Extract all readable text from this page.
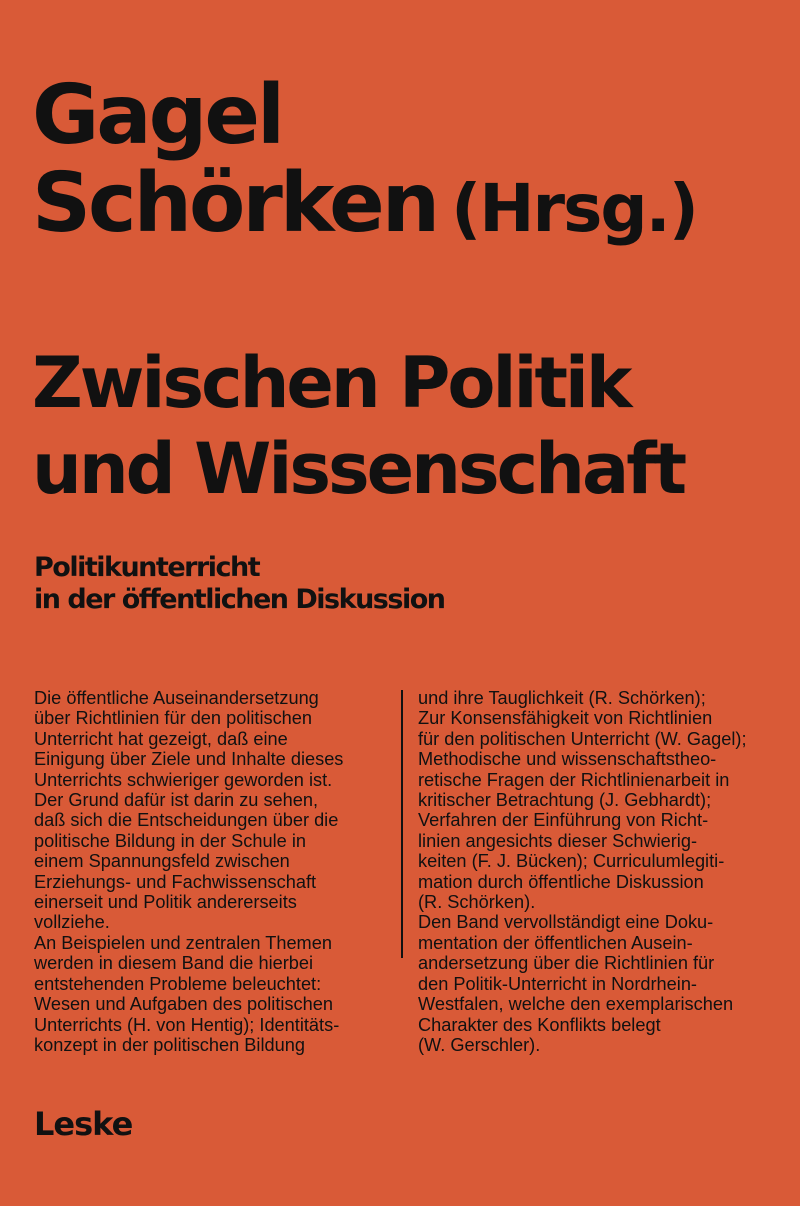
Gagel
Schörken (Hrsg.)
Zwischen Politik
und Wissenschaft
Politikunterricht
in der öffentlichen Diskussion
Die öffentliche Auseinandersetzung
über Richtlinien für den politischen
Unterricht hat gezeigt, daß eine
Einigung über Ziele und Inhalte dieses
Unterrichts schwieriger geworden ist.
Der Grund dafür ist darin zu sehen,
daß sich die Entscheidungen über die
politische Bildung in der Schule in
einem Spannungsfeld zwischen
Erziehungs- und Fachwissenschaft
einerseit und Politik andererseits
vollziehe.
An Beispielen und zentralen Themen
werden in diesem Band die hierbei
entstehenden Probleme beleuchtet:
Wesen und Aufgaben des politischen
Unterrichts (H. von Hentig); Identitäts-
konzept in der politischen Bildung
und ihre Tauglichkeit (R. Schörken);
Zur Konsensfähigkeit von Richtlinien
für den politischen Unterricht (W. Gagel);
Methodische und wissenschaftstheo-
retische Fragen der Richtlinienarbeit in
kritischer Betrachtung (J. Gebhardt);
Verfahren der Einführung von Richt-
linien angesichts dieser Schwierig-
keiten (F. J. Bücken); Curriculumlegiti-
mation durch öffentliche Diskussion
(R. Schörken).
Den Band vervollständigt eine Doku-
mentation der öffentlichen Ausein-
andersetzung über die Richtlinien für
den Politik-Unterricht in Nordrhein-
Westfalen, welche den exemplarischen
Charakter des Konflikts belegt
(W. Gerschler).
Leske
